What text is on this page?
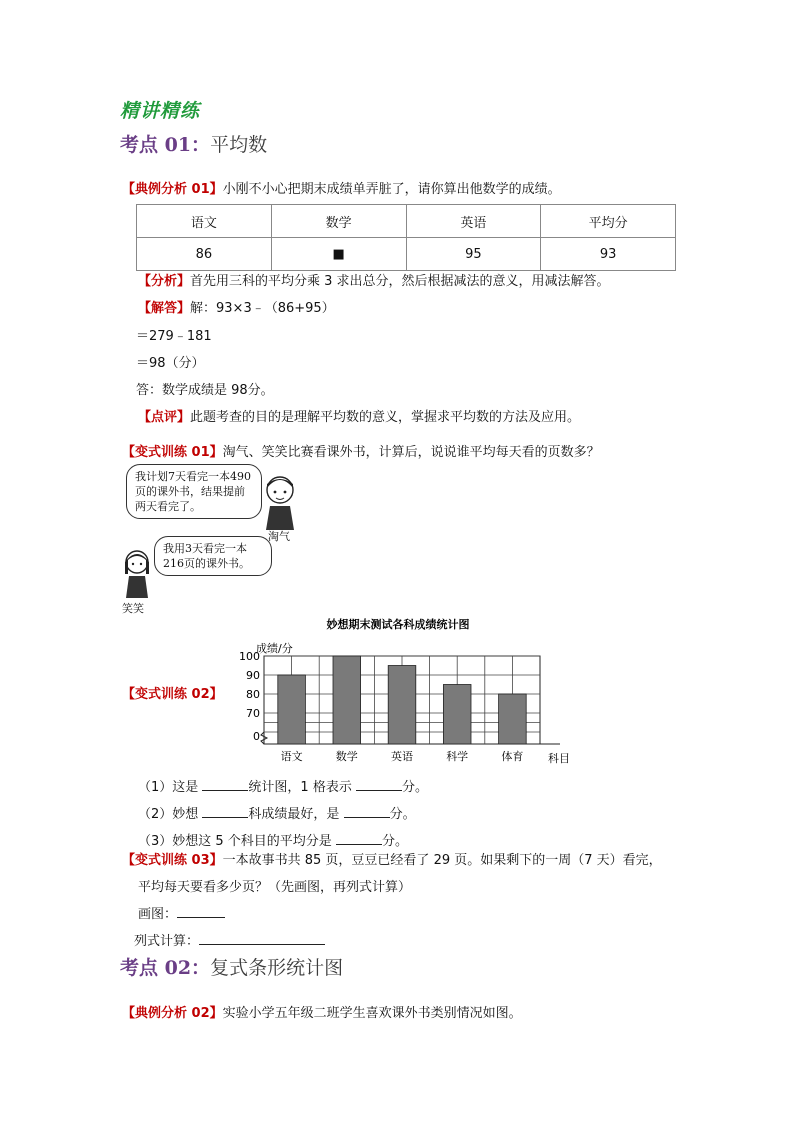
精讲精练
考点 01：平均数
【典例分析 01】小刚不小心把期末成绩单弄脏了，请你算出他数学的成绩。
语文	数学	英语	平均分
86	■	95	93
【分析】首先用三科的平均分乘 3 求出总分，然后根据减法的意义，用减法解答。
【解答】解：93×3﹣（86+95）
＝279﹣181
＝98（分）
答：数学成绩是 98分。
【点评】此题考查的目的是理解平均数的意义，掌握求平均数的方法及应用。
【变式训练 01】淘气、笑笑比赛看课外书，计算后，说说谁平均每天看的页数多？
我计划7天看完一本490页的课外书，结果提前两天看完了。
淘气
我用3天看完一本216页的课外书。
笑笑
【变式训练 02】
妙想期末测试各科成绩统计图
成绩/分
科目
0
70
80
90
100
语文	数学	英语	科学	体育
（1）这是	统计图，1 格表示	分。
（2）妙想	科成绩最好，是	分。
（3）妙想这 5 个科目的平均分是	分。
【变式训练 03】一本故事书共 85 页，豆豆已经看了 29 页。如果剩下的一周（7 天）看完，
平均每天要看多少页？（先画图，再列式计算）
画图：
列式计算：
考点 02：复式条形统计图
【典例分析 02】实验小学五年级二班学生喜欢课外书类别情况如图。
